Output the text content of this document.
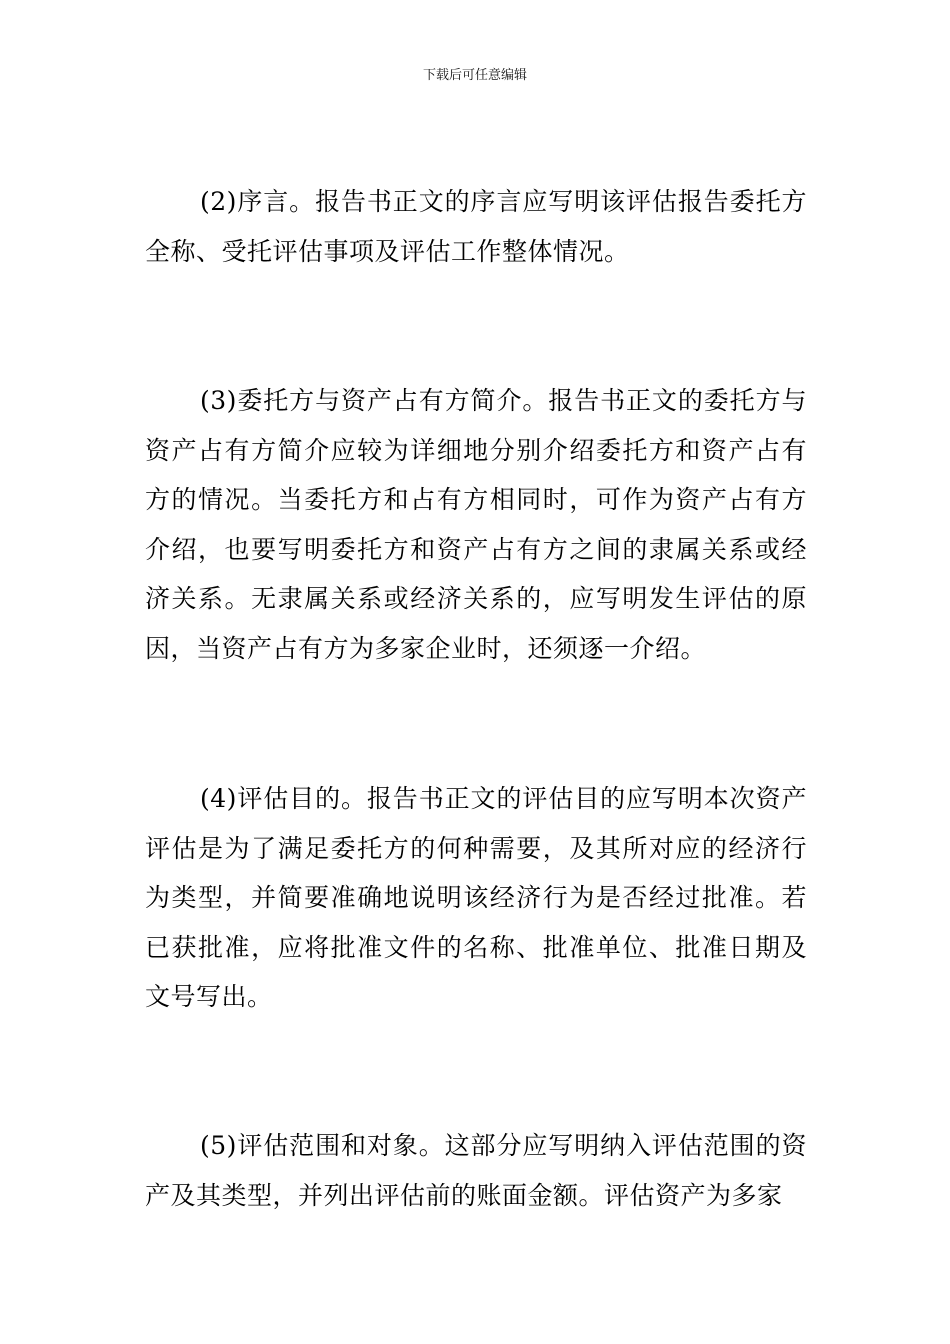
下载后可任意编辑

(2)序言。报告书正文的序言应写明该评估报告委托方全称、受托评估事项及评估工作整体情况。

(3)委托方与资产占有方简介。报告书正文的委托方与资产占有方简介应较为详细地分别介绍委托方和资产占有方的情况。当委托方和占有方相同时，可作为资产占有方介绍，也要写明委托方和资产占有方之间的隶属关系或经济关系。无隶属关系或经济关系的，应写明发生评估的原因，当资产占有方为多家企业时，还须逐一介绍。

(4)评估目的。报告书正文的评估目的应写明本次资产评估是为了满足委托方的何种需要，及其所对应的经济行为类型，并简要准确地说明该经济行为是否经过批准。若已获批准，应将批准文件的名称、批准单位、批准日期及文号写出。

(5)评估范围和对象。这部分应写明纳入评估范围的资产及其类型，并列出评估前的账面金额。评估资产为多家
